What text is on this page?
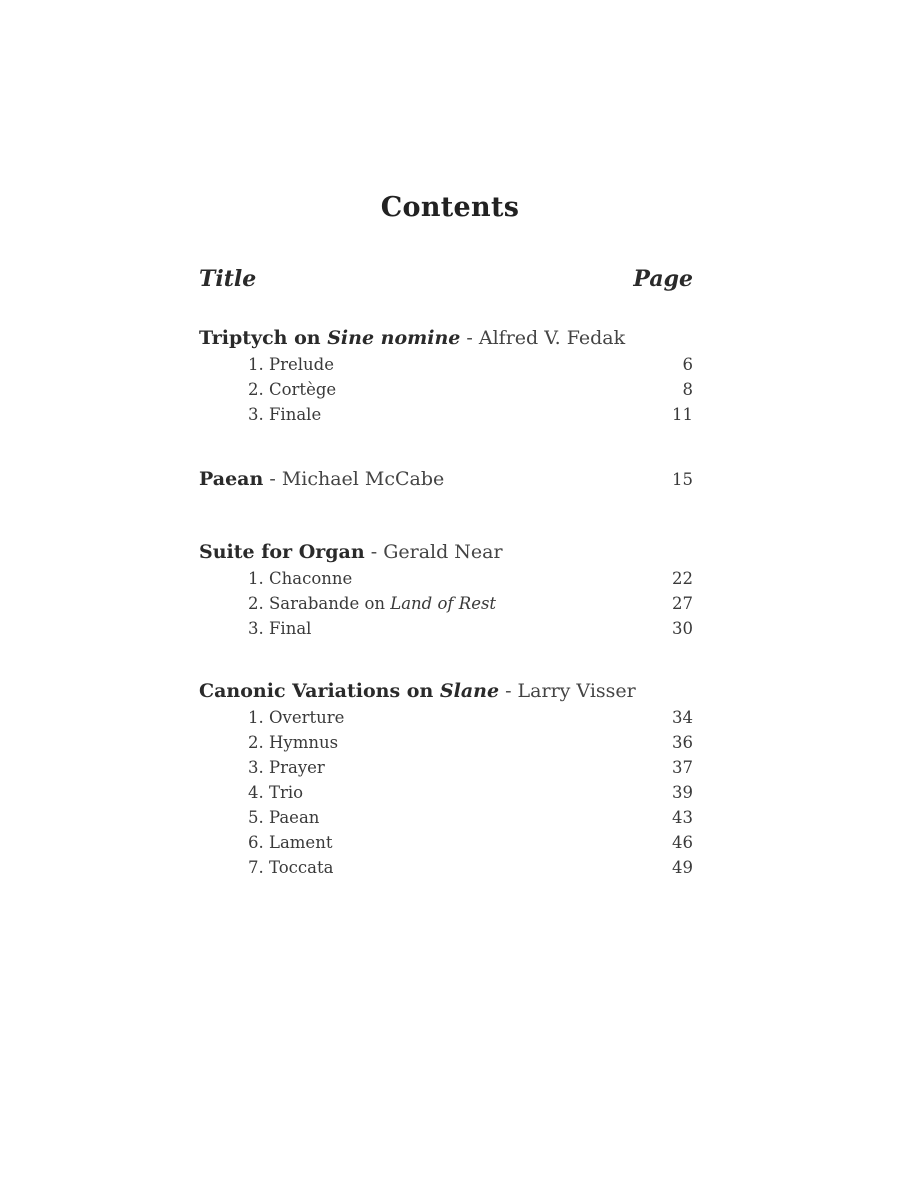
Contents
Title	Page
Triptych on Sine nomine - Alfred V. Fedak
1. Prelude	6
2. Cortège	8
3. Finale	11
Paean - Michael McCabe	15
Suite for Organ - Gerald Near
1. Chaconne	22
2. Sarabande on Land of Rest	27
3. Final	30
Canonic Variations on Slane - Larry Visser
1. Overture	34
2. Hymnus	36
3. Prayer	37
4. Trio	39
5. Paean	43
6. Lament	46
7. Toccata	49
